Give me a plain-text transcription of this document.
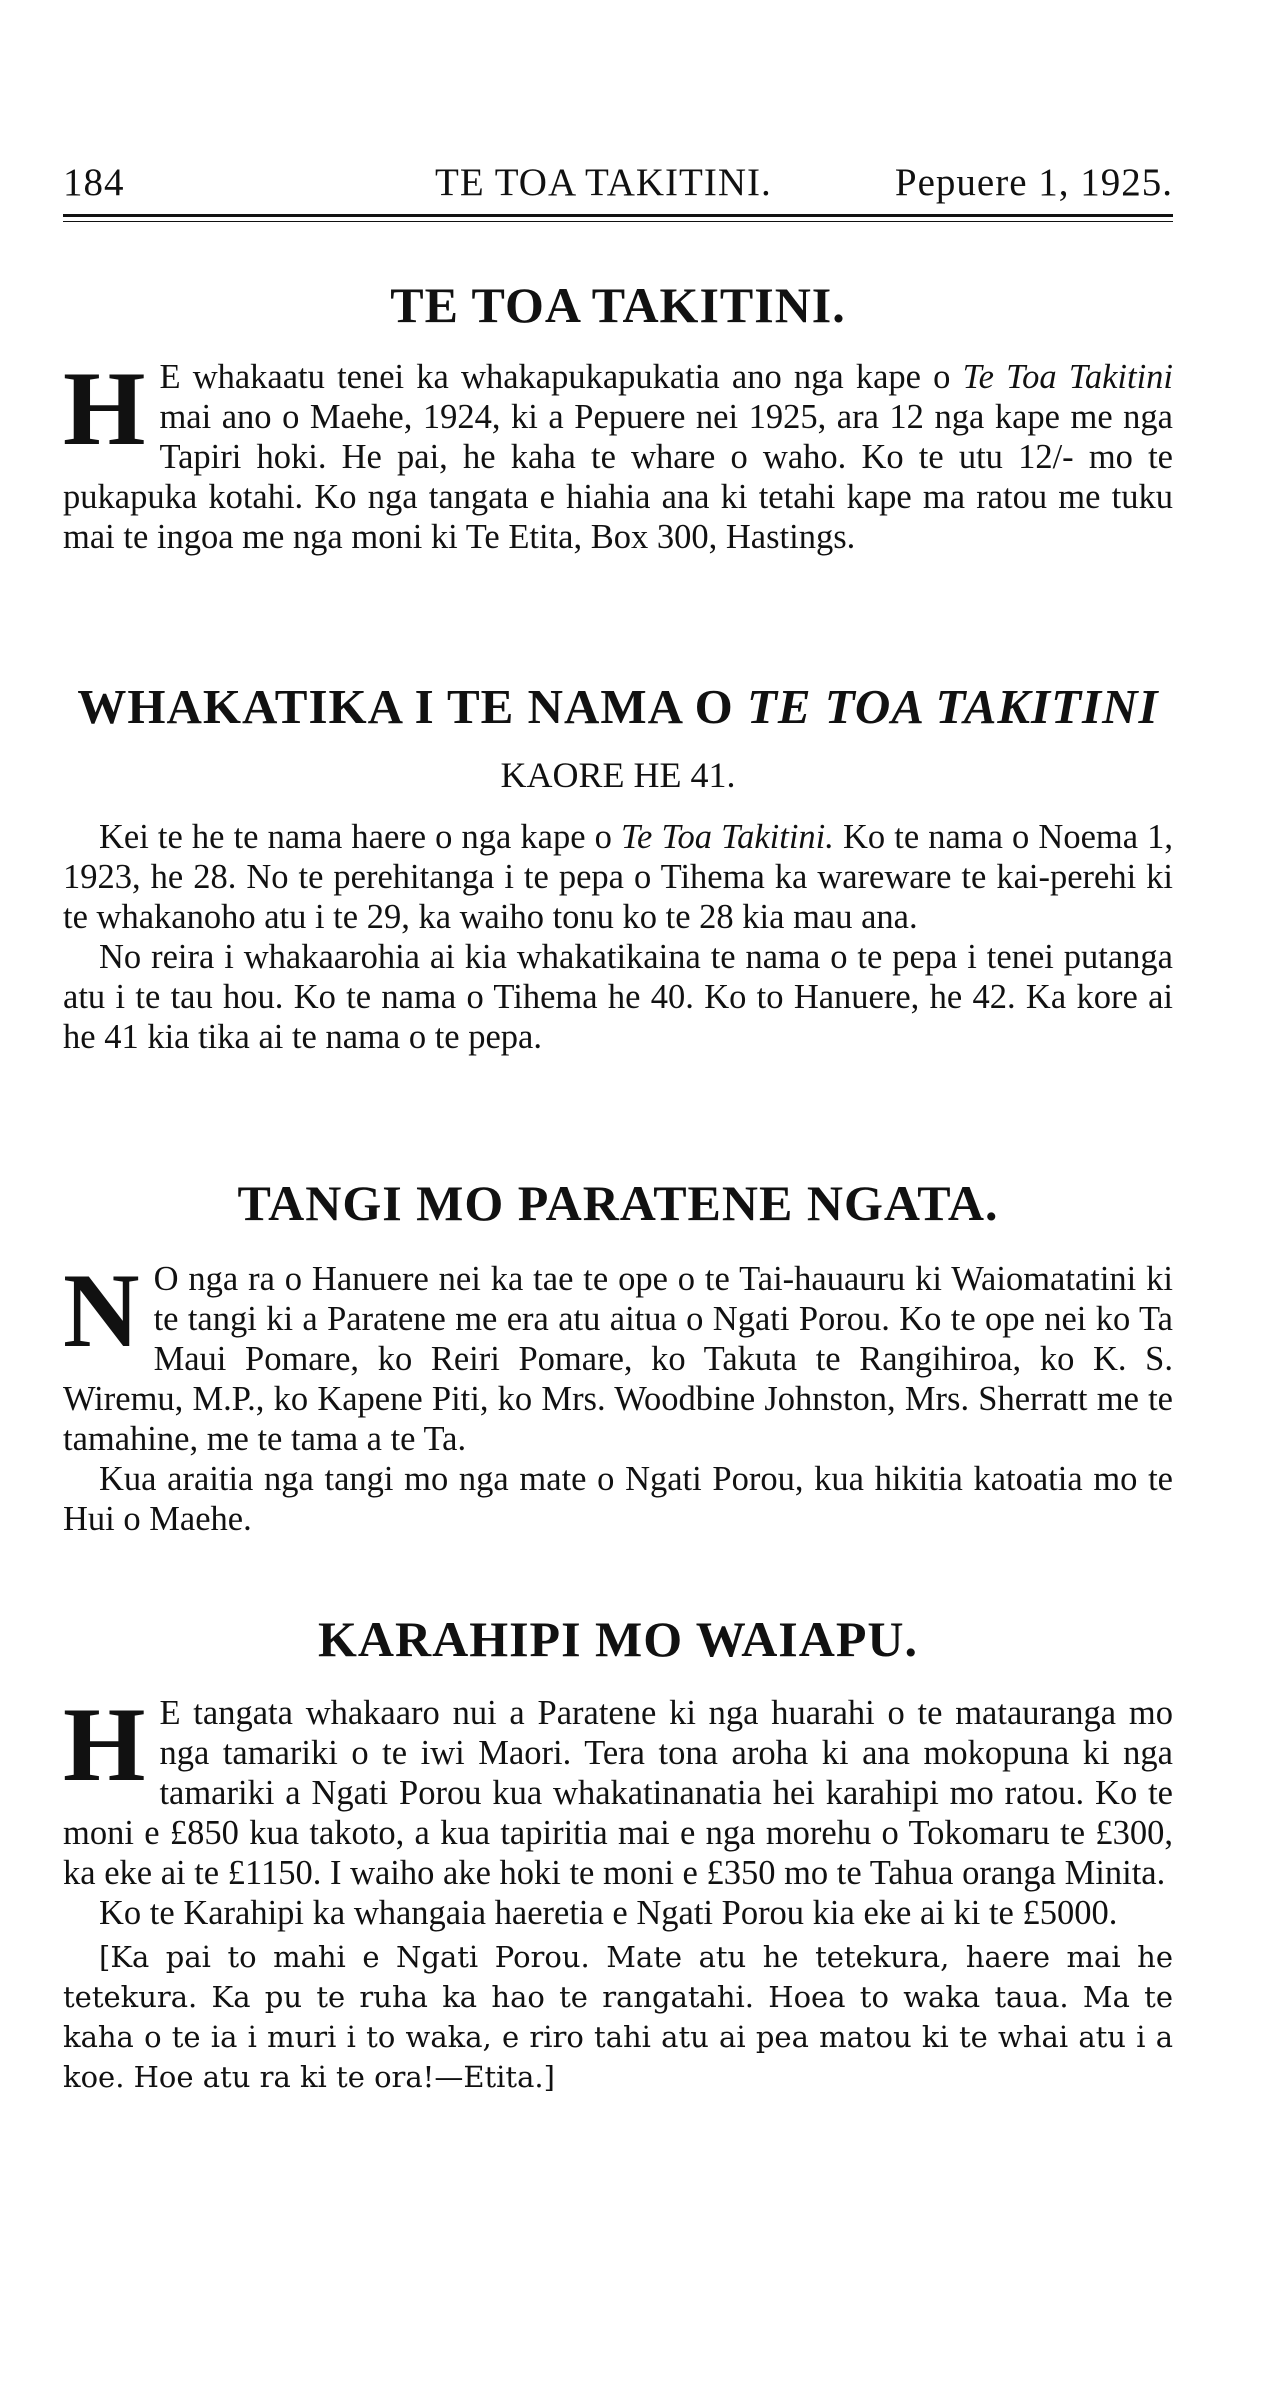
184	TE TOA TAKITINI.	Pepuere 1, 1925.
TE TOA TAKITINI.
H E whakaatu tenei ka whakapukapukatia ano nga kape o Te Toa Takitini mai ano o Maehe, 1924, ki a Pepuere nei 1925, ara 12 nga kape me nga Tapiri hoki. He pai, he kaha te whare o waho. Ko te utu 12/- mo te pukapuka kotahi. Ko nga tangata e hiahia ana ki tetahi kape ma ratou me tuku mai te ingoa me nga moni ki Te Etita, Box 300, Hastings.

WHAKATIKA I TE NAMA O TE TOA TAKITINI

KAORE HE 41.

Kei te he te nama haere o nga kape o Te Toa Takitini. Ko te nama o Noema 1, 1923, he 28. No te perehitanga i te pepa o Tihema ka wareware te kai-perehi ki te whakanoho atu i te 29, ka waiho tonu ko te 28 kia mau ana.

No reira i whakaarohia ai kia whakatikaina te nama o te pepa i tenei putanga atu i te tau hou. Ko te nama o Tihema he 40. Ko to Hanuere, he 42. Ka kore ai he 41 kia tika ai te nama o te pepa.

TANGI MO PARATENE NGATA.
N O nga ra o Hanuere nei ka tae te ope o te Tai-hauauru ki Waiomatatini ki te tangi ki a Paratene me era atu aitua o Ngati Porou. Ko te ope nei ko Ta Maui Pomare, ko Reiri Pomare, ko Takuta te Rangihiroa, ko K. S. Wiremu, M.P., ko Kapene Piti, ko Mrs. Woodbine Johnston, Mrs. Sherratt me te tamahine, me te tama a te Ta.

Kua araitia nga tangi mo nga mate o Ngati Porou, kua hikitia katoatia mo te Hui o Maehe.

KARAHIPI MO WAIAPU.
H E tangata whakaaro nui a Paratene ki nga huarahi o te matauranga mo nga tamariki o te iwi Maori. Tera tona aroha ki ana mokopuna ki nga tamariki a Ngati Porou kua whakatinanatia hei karahipi mo ratou. Ko te moni e £850 kua takoto, a kua tapiritia mai e nga morehu o Tokomaru te £300, ka eke ai te £1150. I waiho ake hoki te moni e £350 mo te Tahua oranga Minita.

Ko te Karahipi ka whangaia haeretia e Ngati Porou kia eke ai ki te £5000.

[Ka pai to mahi e Ngati Porou. Mate atu he tetekura, haere mai he tetekura. Ka pu te ruha ka hao te rangatahi. Hoea to waka taua. Ma te kaha o te ia i muri i to waka, e riro tahi atu ai pea matou ki te whai atu i a koe. Hoe atu ra ki te ora!—Etita.]
